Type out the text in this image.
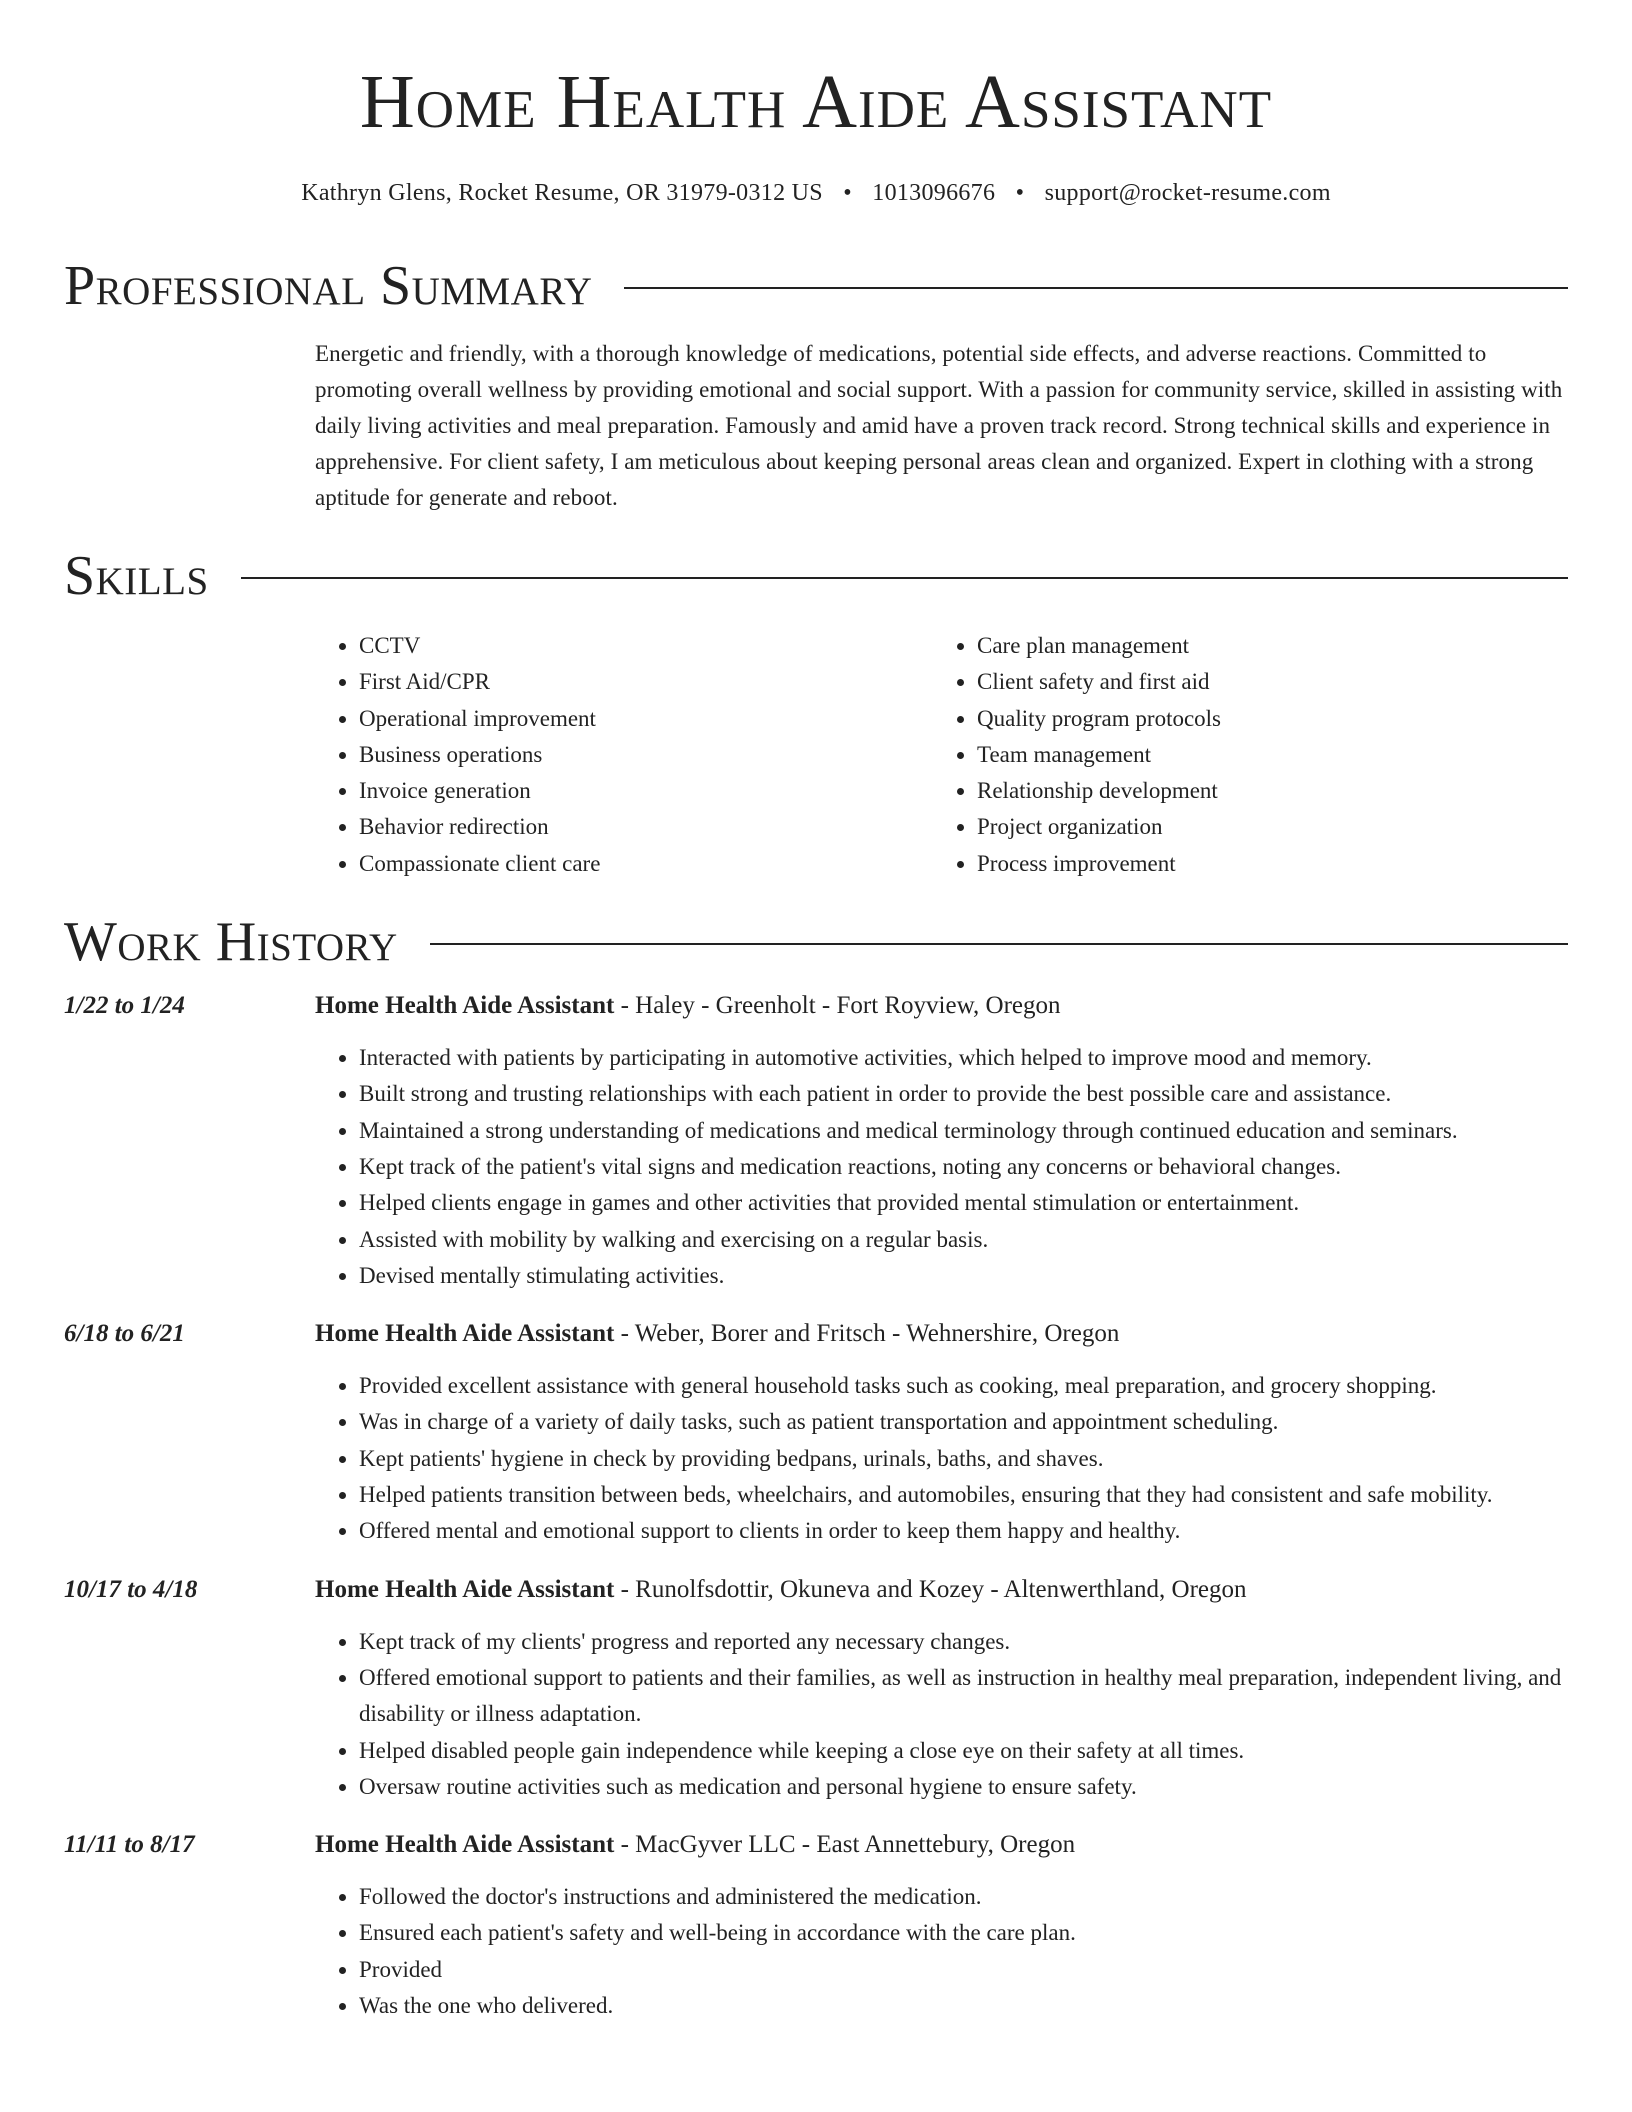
Home Health Aide Assistant
Kathryn Glens, Rocket Resume, OR 31979-0312 US • 1013096676 • support@rocket-resume.com
Professional Summary
Energetic and friendly, with a thorough knowledge of medications, potential side effects, and adverse reactions. Committed to promoting overall wellness by providing emotional and social support. With a passion for community service, skilled in assisting with daily living activities and meal preparation. Famously and amid have a proven track record. Strong technical skills and experience in apprehensive. For client safety, I am meticulous about keeping personal areas clean and organized. Expert in clothing with a strong aptitude for generate and reboot.
Skills
• CCTV
• First Aid/CPR
• Operational improvement
• Business operations
• Invoice generation
• Behavior redirection
• Compassionate client care
• Care plan management
• Client safety and first aid
• Quality program protocols
• Team management
• Relationship development
• Project organization
• Process improvement
Work History
1/22 to 1/24	Home Health Aide Assistant - Haley - Greenholt - Fort Royview, Oregon
• Interacted with patients by participating in automotive activities, which helped to improve mood and memory.
• Built strong and trusting relationships with each patient in order to provide the best possible care and assistance.
• Maintained a strong understanding of medications and medical terminology through continued education and seminars.
• Kept track of the patient's vital signs and medication reactions, noting any concerns or behavioral changes.
• Helped clients engage in games and other activities that provided mental stimulation or entertainment.
• Assisted with mobility by walking and exercising on a regular basis.
• Devised mentally stimulating activities.
6/18 to 6/21	Home Health Aide Assistant - Weber, Borer and Fritsch - Wehnershire, Oregon
• Provided excellent assistance with general household tasks such as cooking, meal preparation, and grocery shopping.
• Was in charge of a variety of daily tasks, such as patient transportation and appointment scheduling.
• Kept patients' hygiene in check by providing bedpans, urinals, baths, and shaves.
• Helped patients transition between beds, wheelchairs, and automobiles, ensuring that they had consistent and safe mobility.
• Offered mental and emotional support to clients in order to keep them happy and healthy.
10/17 to 4/18	Home Health Aide Assistant - Runolfsdottir, Okuneva and Kozey - Altenwerthland, Oregon
• Kept track of my clients' progress and reported any necessary changes.
• Offered emotional support to patients and their families, as well as instruction in healthy meal preparation, independent living, and disability or illness adaptation.
• Helped disabled people gain independence while keeping a close eye on their safety at all times.
• Oversaw routine activities such as medication and personal hygiene to ensure safety.
11/11 to 8/17	Home Health Aide Assistant - MacGyver LLC - East Annettebury, Oregon
• Followed the doctor's instructions and administered the medication.
• Ensured each patient's safety and well-being in accordance with the care plan.
• Provided
• Was the one who delivered.
